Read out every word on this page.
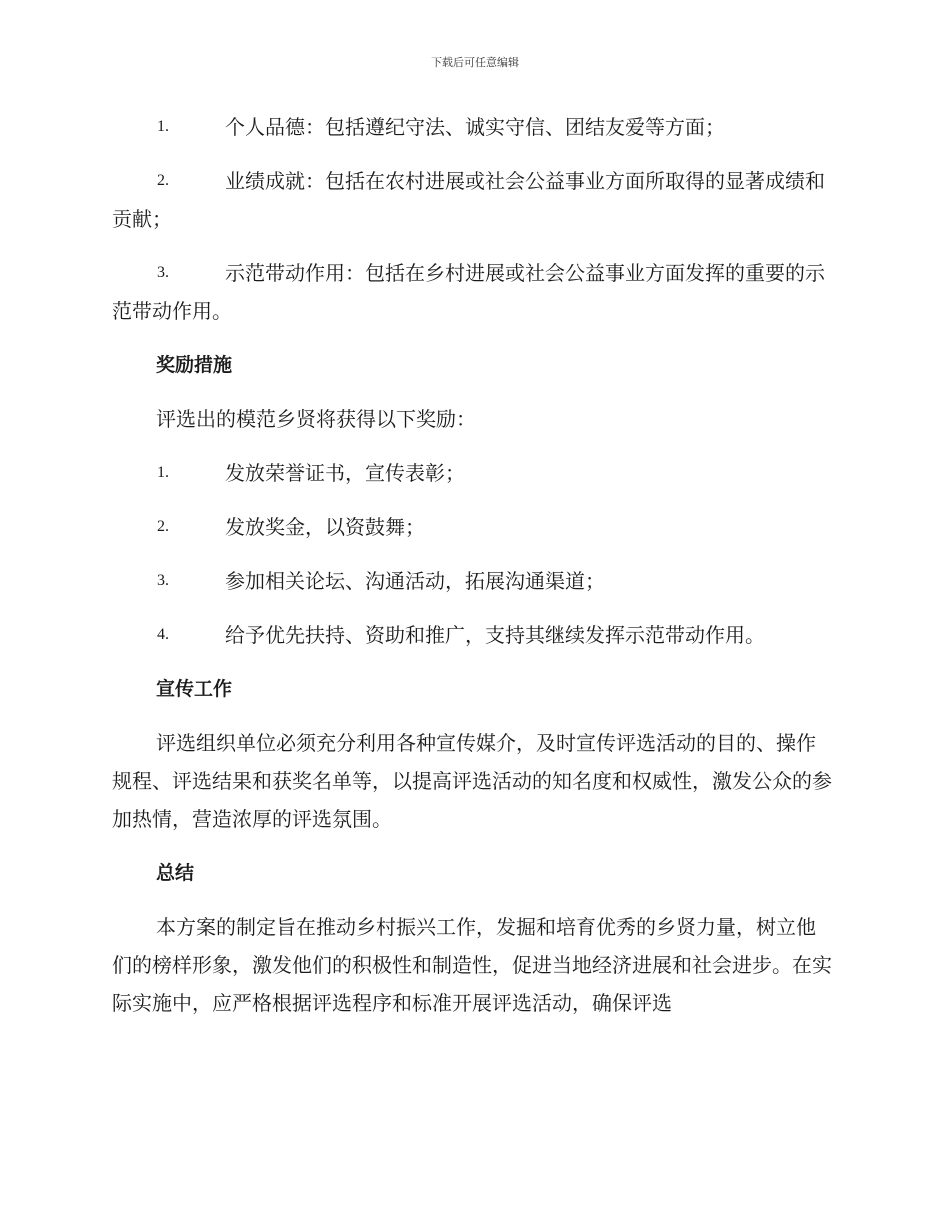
下载后可任意编辑
1.	个人品德：包括遵纪守法、诚实守信、团结友爱等方面；
2.	业绩成就：包括在农村进展或社会公益事业方面所取得的显著成绩和贡献；
3.	示范带动作用：包括在乡村进展或社会公益事业方面发挥的重要的示范带动作用。
奖励措施
评选出的模范乡贤将获得以下奖励：
1.	发放荣誉证书，宣传表彰；
2.	发放奖金，以资鼓舞；
3.	参加相关论坛、沟通活动，拓展沟通渠道；
4.	给予优先扶持、资助和推广，支持其继续发挥示范带动作用。
宣传工作
评选组织单位必须充分利用各种宣传媒介，及时宣传评选活动的目的、操作规程、评选结果和获奖名单等，以提高评选活动的知名度和权威性，激发公众的参加热情，营造浓厚的评选氛围。
总结
本方案的制定旨在推动乡村振兴工作，发掘和培育优秀的乡贤力量，树立他们的榜样形象，激发他们的积极性和制造性，促进当地经济进展和社会进步。在实际实施中，应严格根据评选程序和标准开展评选活动，确保评选
